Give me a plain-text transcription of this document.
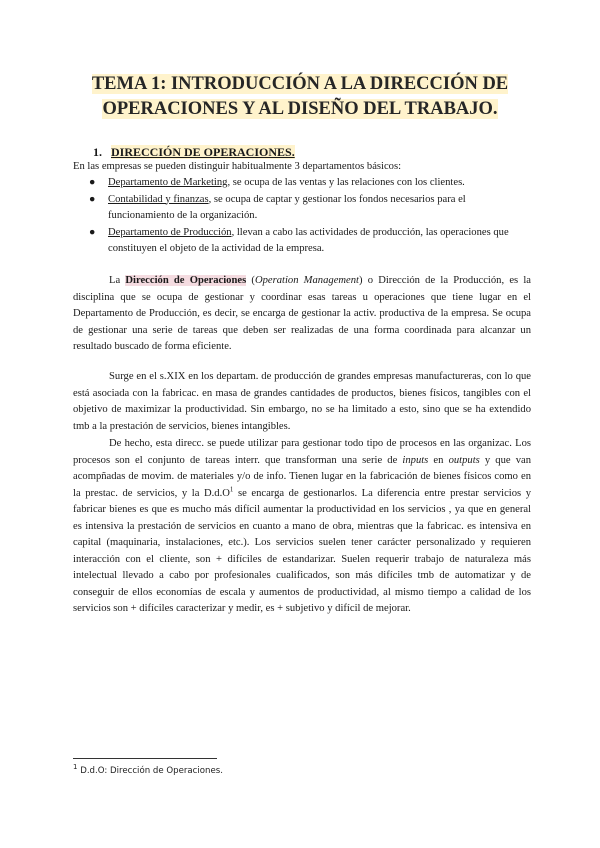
TEMA 1: INTRODUCCIÓN A LA DIRECCIÓN DE
OPERACIONES Y AL DISEÑO DEL TRABAJO.
1. DIRECCIÓN DE OPERACIONES.
En las empresas se pueden distinguir habitualmente 3 departamentos básicos:
● Departamento de Marketing, se ocupa de las ventas y las relaciones con los clientes.
● Contabilidad y finanzas, se ocupa de captar y gestionar los fondos necesarios para el funcionamiento de la organización.
● Departamento de Producción, llevan a cabo las actividades de producción, las operaciones que constituyen el objeto de la actividad de la empresa.
La Dirección de Operaciones (Operation Management) o Dirección de la Producción, es la disciplina que se ocupa de gestionar y coordinar esas tareas u operaciones que tiene lugar en el Departamento de Producción, es decir, se encarga de gestionar la activ. productiva de la empresa. Se ocupa de gestionar una serie de tareas que deben ser realizadas de una forma coordinada para alcanzar un resultado buscado de forma eficiente.
Surge en el s.XIX en los departam. de producción de grandes empresas manufactureras, con lo que está asociada con la fabricac. en masa de grandes cantidades de productos, bienes físicos, tangibles con el objetivo de maximizar la productividad. Sin embargo, no se ha limitado a esto, sino que se ha extendido tmb a la prestación de servicios, bienes intangibles.
De hecho, esta direcc. se puede utilizar para gestionar todo tipo de procesos en las organizac. Los procesos son el conjunto de tareas interr. que transforman una serie de inputs en outputs y que van acompñadas de movim. de materiales y/o de info. Tienen lugar en la fabricación de bienes físicos como en la prestac. de servicios, y la $D.d.O^1$ se encarga de gestionarlos. La diferencia entre prestar servicios y fabricar bienes es que es mucho más difícil aumentar la productividad en los servicios , ya que en general es intensiva la prestación de servicios en cuanto a mano de obra, mientras que la fabricac. es intensiva en capital (maquinaria, instalaciones, etc.). Los servicios suelen tener carácter personalizado y requieren interacción con el cliente, son + difíciles de estandarizar. Suelen requerir trabajo de naturaleza más intelectual llevado a cabo por profesionales cualificados, son más difíciles tmb de automatizar y de conseguir de ellos economías de escala y aumentos de productividad, al mismo tiempo a calidad de los servicios son + difíciles caracterizar y medir, es + subjetivo y difícil de mejorar.
$^1$ D.d.O: Dirección de Operaciones.
